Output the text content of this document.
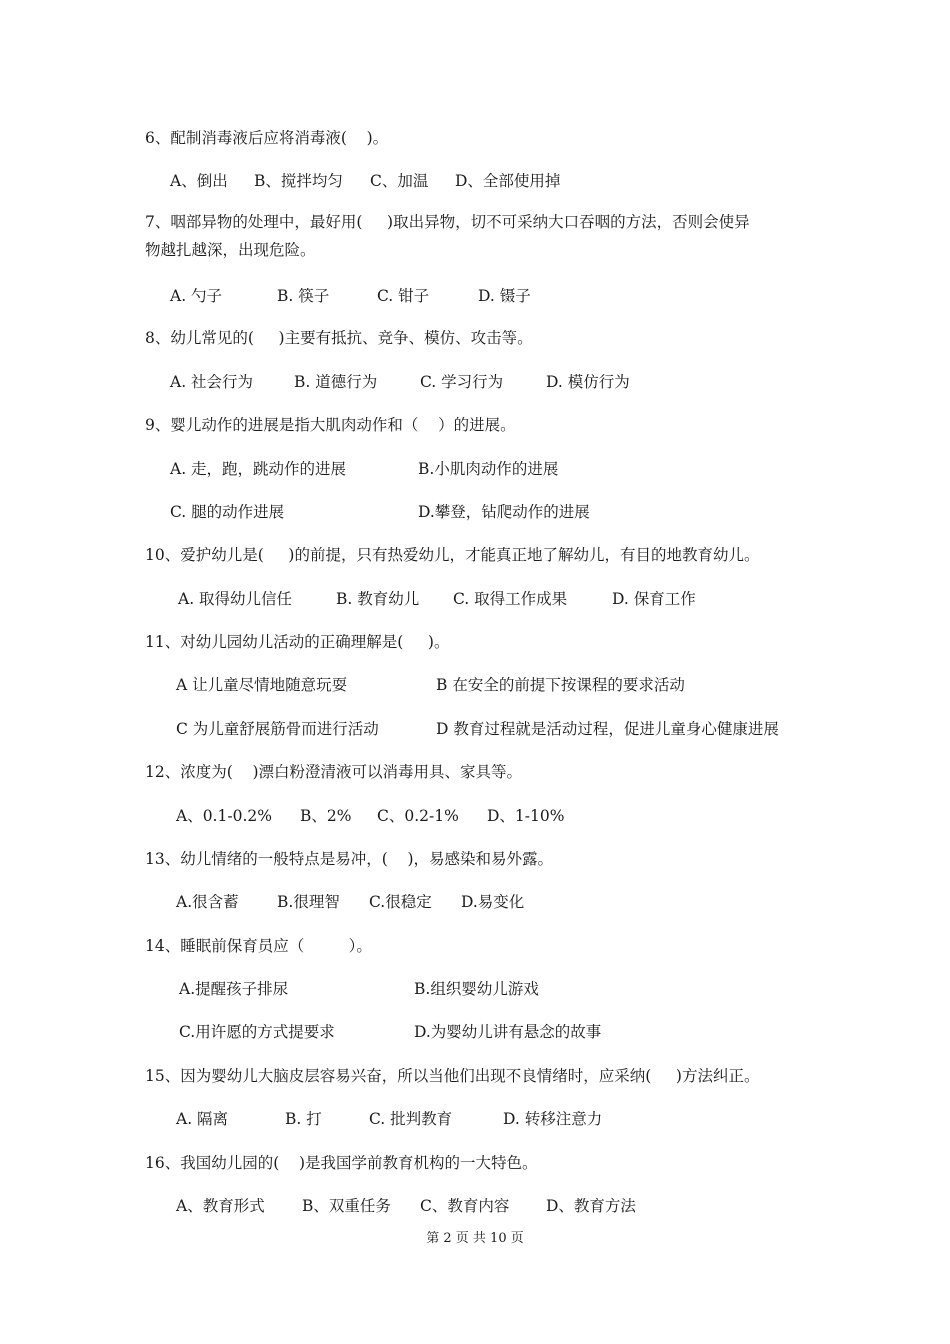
6、配制消毒液后应将消毒液(    )。
A、倒出 B、搅拌均匀 C、加温 D、全部使用掉
7、咽部异物的处理中，最好用(     )取出异物，切不可采纳大口吞咽的方法，否则会使异
物越扎越深，出现危险。
A. 勺子	B. 筷子	C. 钳子	D. 镊子
8、幼儿常见的(     )主要有抵抗、竞争、模仿、攻击等。
A. 社会行为	B. 道德行为	C. 学习行为	D. 模仿行为
9、婴儿动作的进展是指大肌肉动作和（    ）的进展。
A. 走，跑，跳动作的进展	B.小肌肉动作的进展
C. 腿的动作进展	D.攀登，钻爬动作的进展
10、爱护幼儿是(     )的前提，只有热爱幼儿，才能真正地了解幼儿，有目的地教育幼儿。
A. 取得幼儿信任	B. 教育幼儿 C. 取得工作成果	D. 保育工作
11、对幼儿园幼儿活动的正确理解是(     )。
A 让儿童尽情地随意玩耍	B 在安全的前提下按课程的要求活动
C 为儿童舒展筋骨而进行活动	D 教育过程就是活动过程，促进儿童身心健康进展
12、浓度为(    )漂白粉澄清液可以消毒用具、家具等。
A、0.1-0.2% B、2% C、0.2-1% D、1-10%
13、幼儿情绪的一般特点是易冲，(    )，易感染和易外露。
A.很含蓄 B.很理智 C.很稳定 D.易变化
14、睡眠前保育员应（         ）。
A.提醒孩子排尿	B.组织婴幼儿游戏
C.用许愿的方式提要求	D.为婴幼儿讲有悬念的故事
15、因为婴幼儿大脑皮层容易兴奋，所以当他们出现不良情绪时，应采纳(     )方法纠正。
A. 隔离	B. 打	C. 批判教育	D. 转移注意力
16、我国幼儿园的(    )是我国学前教育机构的一大特色。
A、教育形式 B、双重任务 C、教育内容 D、教育方法
第 2 页 共 10 页
